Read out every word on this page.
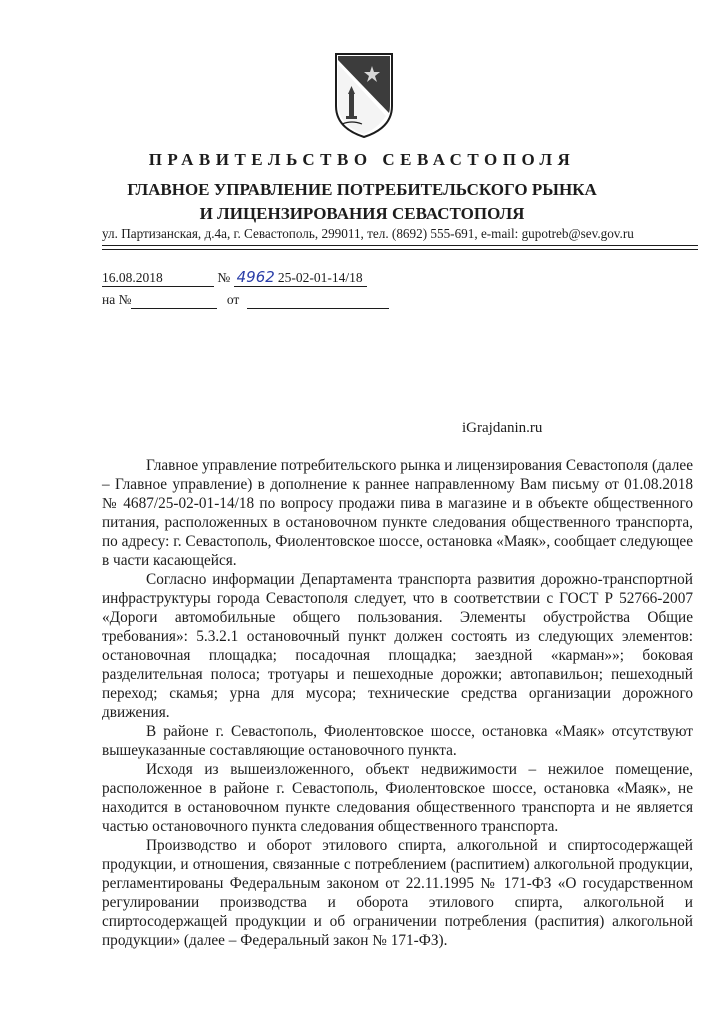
ПРАВИТЕЛЬСТВО СЕВАСТОПОЛЯ
ГЛАВНОЕ УПРАВЛЕНИЕ ПОТРЕБИТЕЛЬСКОГО РЫНКА
И ЛИЦЕНЗИРОВАНИЯ СЕВАСТОПОЛЯ

ул. Партизанская, д.4а, г. Севастополь, 299011, тел. (8692) 555-691, e-mail: gupotreb@sev.gov.ru

16.08.2018	№ 4962 25-02-01-14/18
на №	от
iGrajdanin.ru

Главное управление потребительского рынка и лицензирования Севастополя (далее – Главное управление) в дополнение к раннее направленному Вам письму от 01.08.2018 № 4687/25-02-01-14/18 по вопросу продажи пива в магазине и в объекте общественного питания, расположенных в остановочном пункте следования общественного транспорта, по адресу: г. Севастополь, Фиолентовское шоссе, остановка «Маяк», сообщает следующее в части касающейся.

Согласно информации Департамента транспорта развития дорожно-транспортной инфраструктуры города Севастополя следует, что в соответствии с ГОСТ Р 52766-2007 «Дороги автомобильные общего пользования. Элементы обустройства Общие требования»: 5.3.2.1 остановочный пункт должен состоять из следующих элементов: остановочная площадка; посадочная площадка; заездной «карман»»; боковая разделительная полоса; тротуары и пешеходные дорожки; автопавильон; пешеходный переход; скамья; урна для мусора; технические средства организации дорожного движения.

В районе г. Севастополь, Фиолентовское шоссе, остановка «Маяк» отсутствуют вышеуказанные составляющие остановочного пункта.

Исходя из вышеизложенного, объект недвижимости – нежилое помещение, расположенное в районе г. Севастополь, Фиолентовское шоссе, остановка «Маяк», не находится в остановочном пункте следования общественного транспорта и не является частью остановочного пункта следования общественного транспорта.

Производство и оборот этилового спирта, алкогольной и спиртосодержащей продукции, и отношения, связанные с потреблением (распитием) алкогольной продукции, регламентированы Федеральным законом от 22.11.1995 № 171-ФЗ «О государственном регулировании производства и оборота этилового спирта, алкогольной и спиртосодержащей продукции и об ограничении потребления (распития) алкогольной продукции» (далее – Федеральный закон № 171-ФЗ).
